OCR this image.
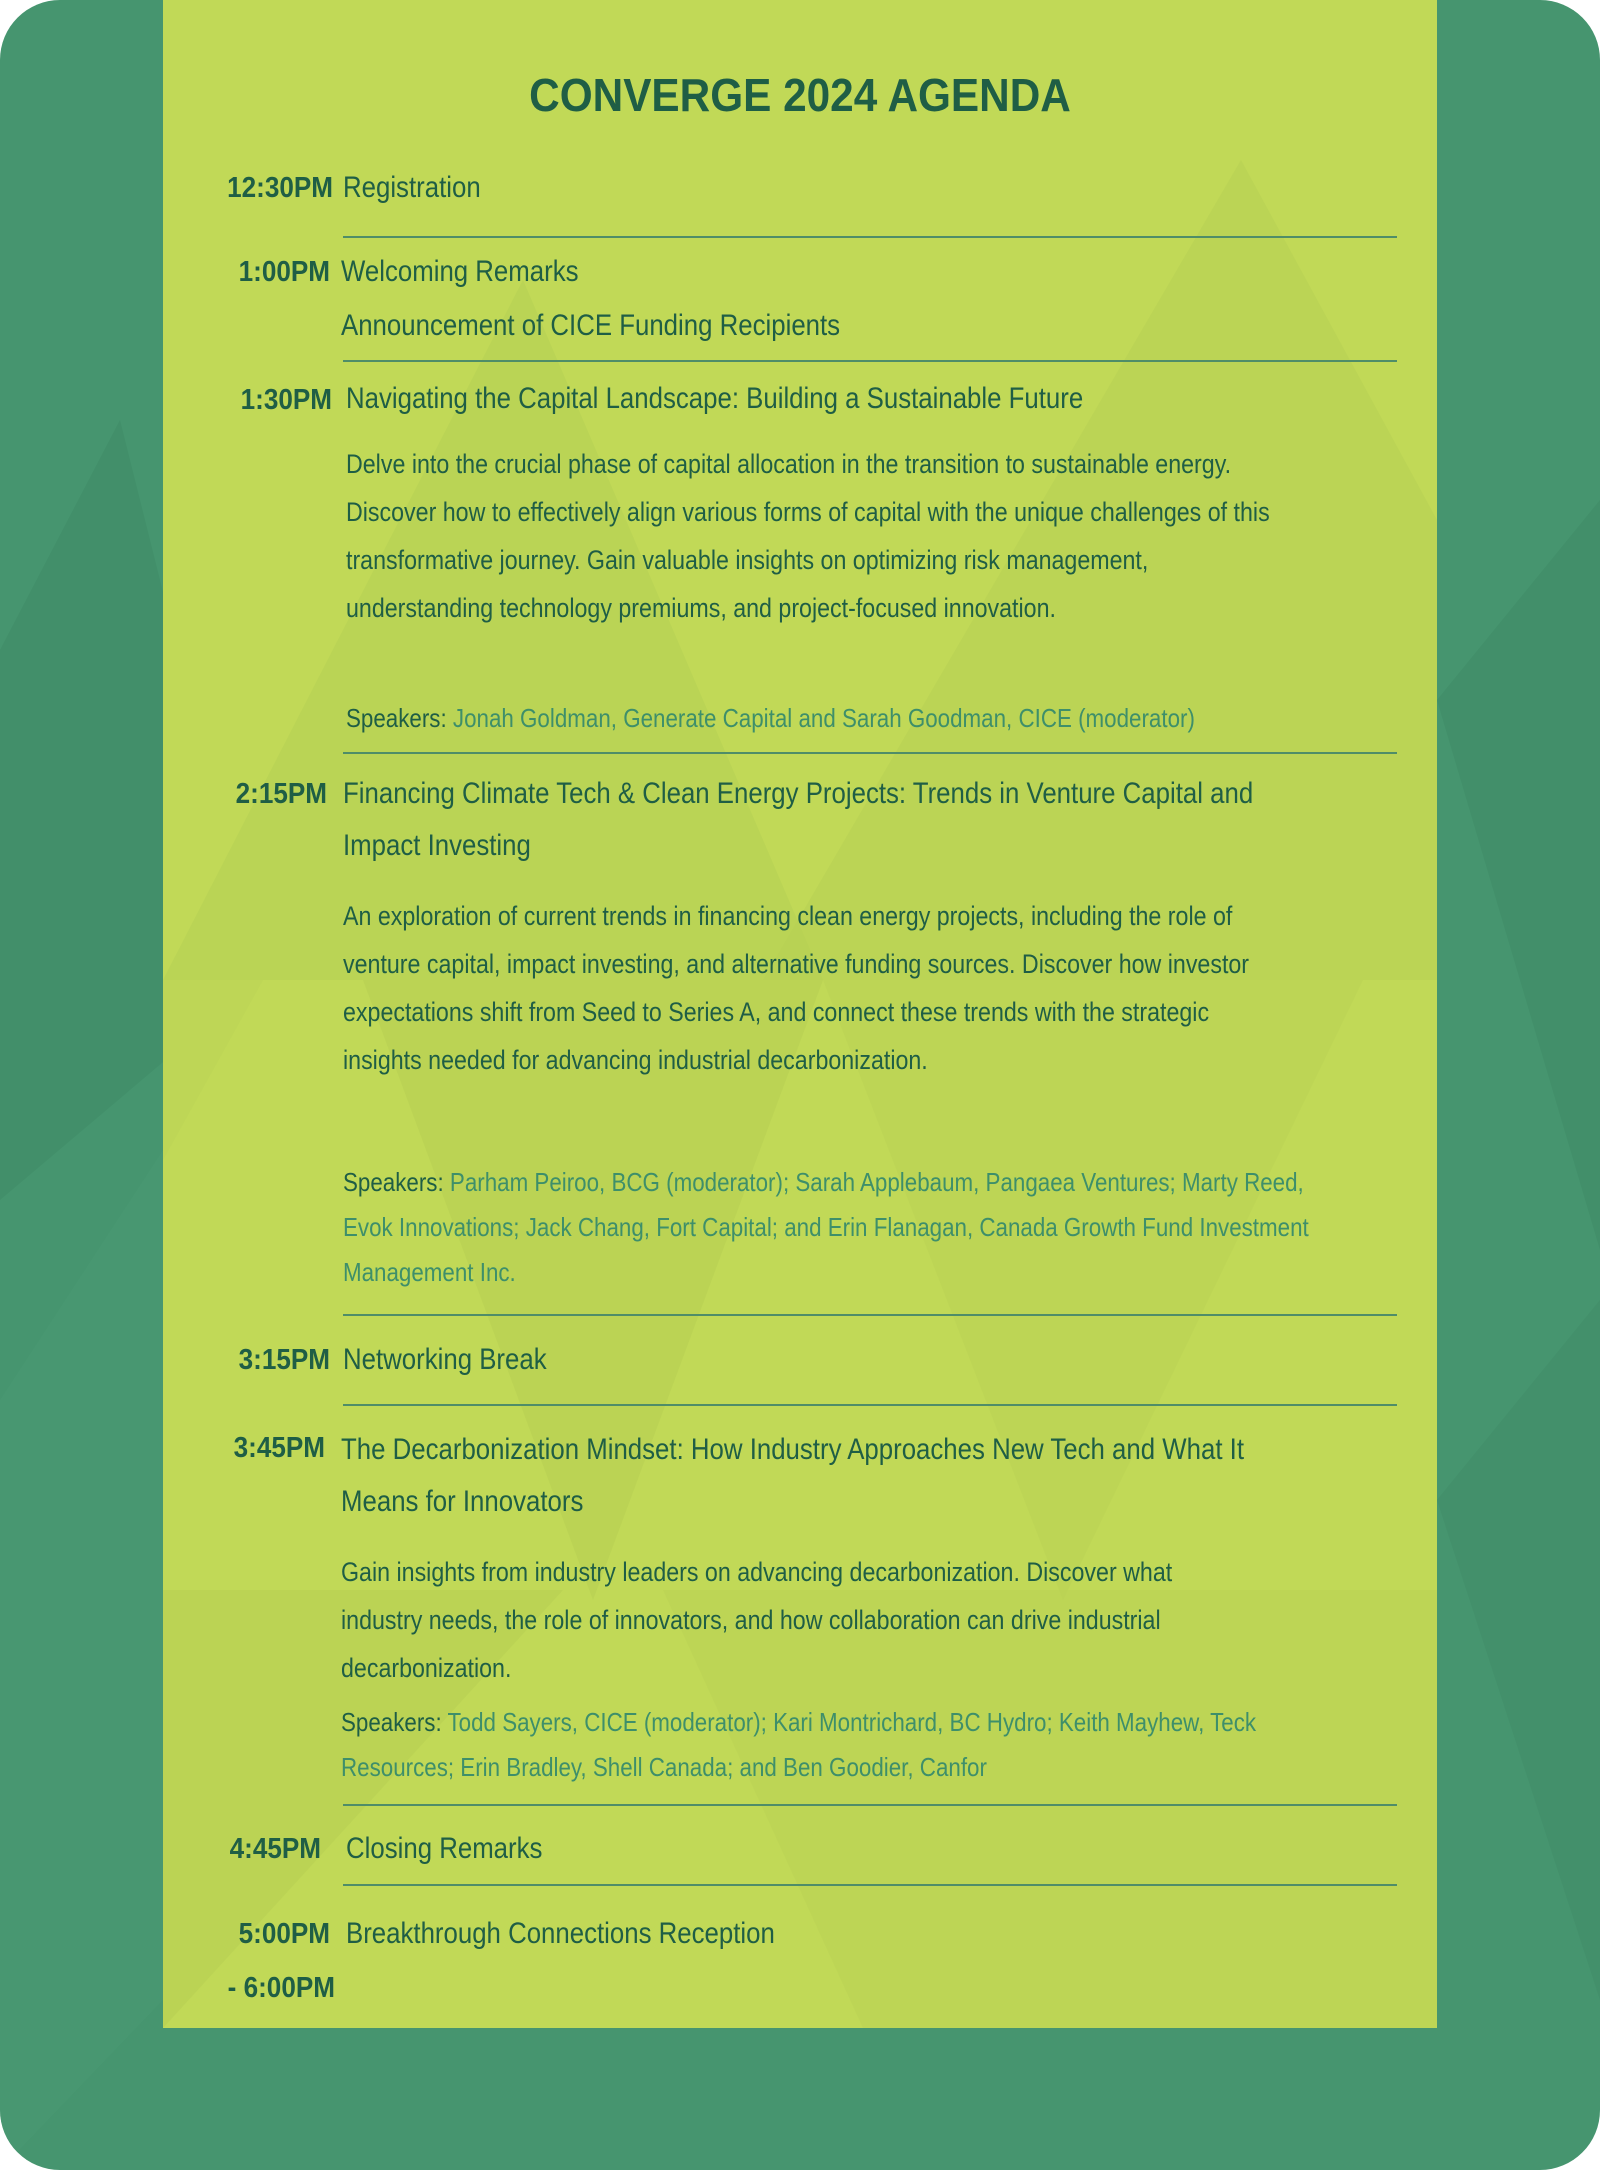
CONVERGE 2024 AGENDA
12:30PM Registration
1:00PM Welcoming Remarks
Announcement of CICE Funding Recipients
1:30PM Navigating the Capital Landscape: Building a Sustainable Future
Delve into the crucial phase of capital allocation in the transition to sustainable energy. Discover how to effectively align various forms of capital with the unique challenges of this transformative journey. Gain valuable insights on optimizing risk management, understanding technology premiums, and project-focused innovation.
Speakers: Jonah Goldman, Generate Capital and Sarah Goodman, CICE (moderator)
2:15PM Financing Climate Tech & Clean Energy Projects: Trends in Venture Capital and Impact Investing
An exploration of current trends in financing clean energy projects, including the role of venture capital, impact investing, and alternative funding sources. Discover how investor expectations shift from Seed to Series A, and connect these trends with the strategic insights needed for advancing industrial decarbonization.
Speakers: Parham Peiroo, BCG (moderator); Sarah Applebaum, Pangaea Ventures; Marty Reed, Evok Innovations; Jack Chang, Fort Capital; and Erin Flanagan, Canada Growth Fund Investment Management Inc.
3:15PM Networking Break
3:45PM The Decarbonization Mindset: How Industry Approaches New Tech and What It Means for Innovators
Gain insights from industry leaders on advancing decarbonization. Discover what industry needs, the role of innovators, and how collaboration can drive industrial decarbonization.
Speakers: Todd Sayers, CICE (moderator); Kari Montrichard, BC Hydro; Keith Mayhew, Teck Resources; Erin Bradley, Shell Canada; and Ben Goodier, Canfor
4:45PM Closing Remarks
5:00PM
- 6:00PM
Breakthrough Connections Reception
